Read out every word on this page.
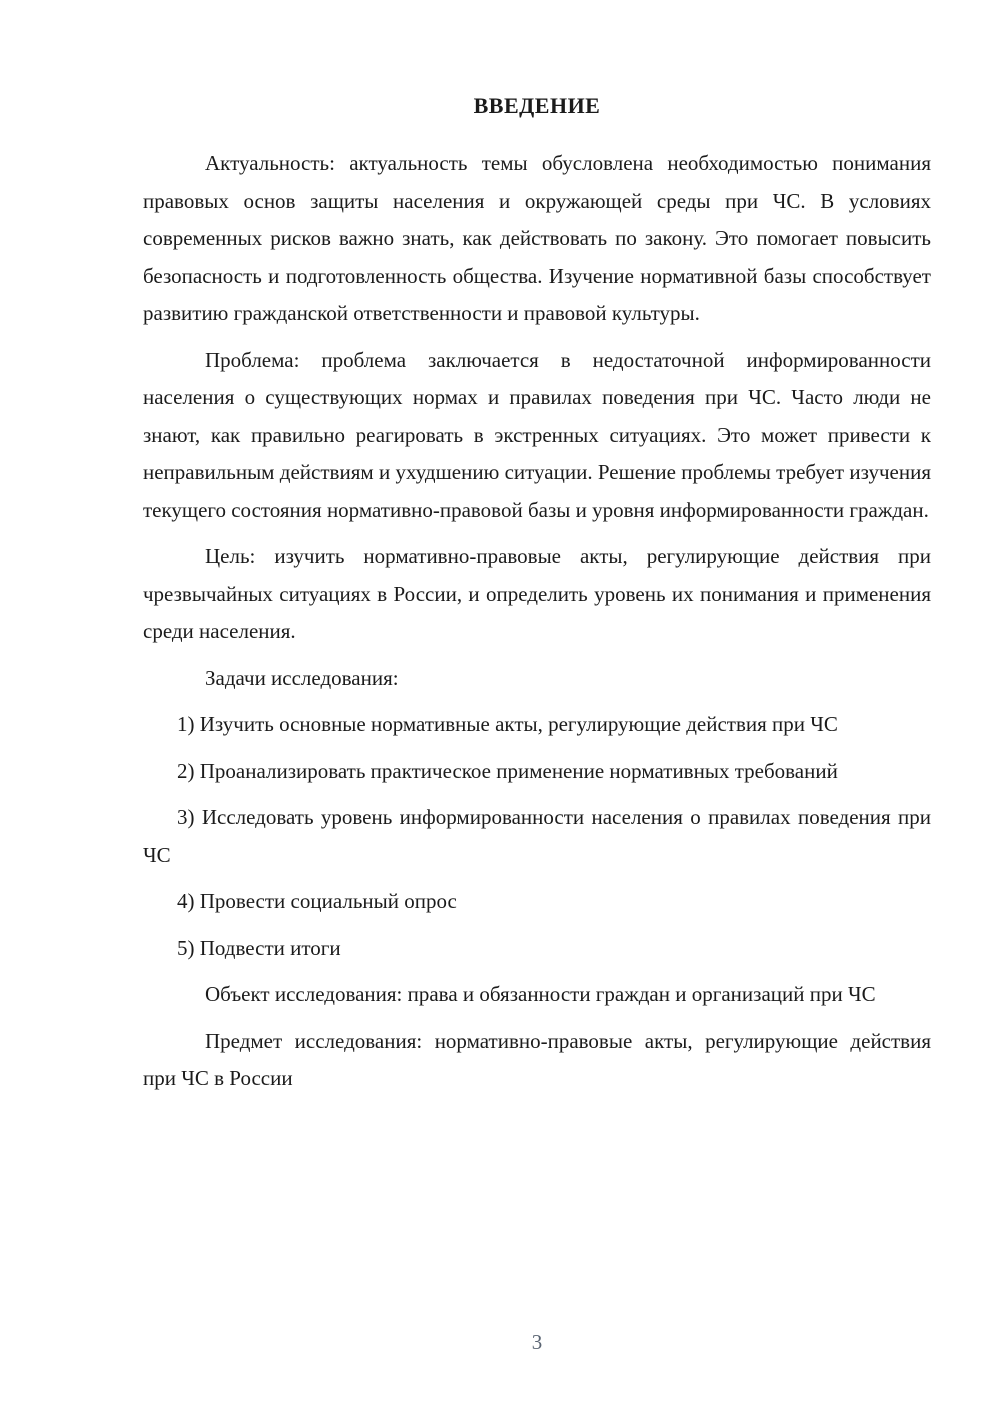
ВВЕДЕНИЕ

Актуальность: актуальность темы обусловлена необходимостью понимания правовых основ защиты населения и окружающей среды при ЧС. В условиях современных рисков важно знать, как действовать по закону. Это помогает повысить безопасность и подготовленность общества. Изучение нормативной базы способствует развитию гражданской ответственности и правовой культуры.

Проблема: проблема заключается в недостаточной информированности населения о существующих нормах и правилах поведения при ЧС. Часто люди не знают, как правильно реагировать в экстренных ситуациях. Это может привести к неправильным действиям и ухудшению ситуации. Решение проблемы требует изучения текущего состояния нормативно-правовой базы и уровня информированности граждан.

Цель: изучить нормативно-правовые акты, регулирующие действия при чрезвычайных ситуациях в России, и определить уровень их понимания и применения среди населения.

Задачи исследования:

1) Изучить основные нормативные акты, регулирующие действия при ЧС

2) Проанализировать практическое применение нормативных требований

3) Исследовать уровень информированности населения о правилах поведения при ЧС

4) Провести социальный опрос

5) Подвести итоги

Объект исследования: права и обязанности граждан и организаций при ЧС

Предмет исследования: нормативно-правовые акты, регулирующие действия при ЧС в России

3
